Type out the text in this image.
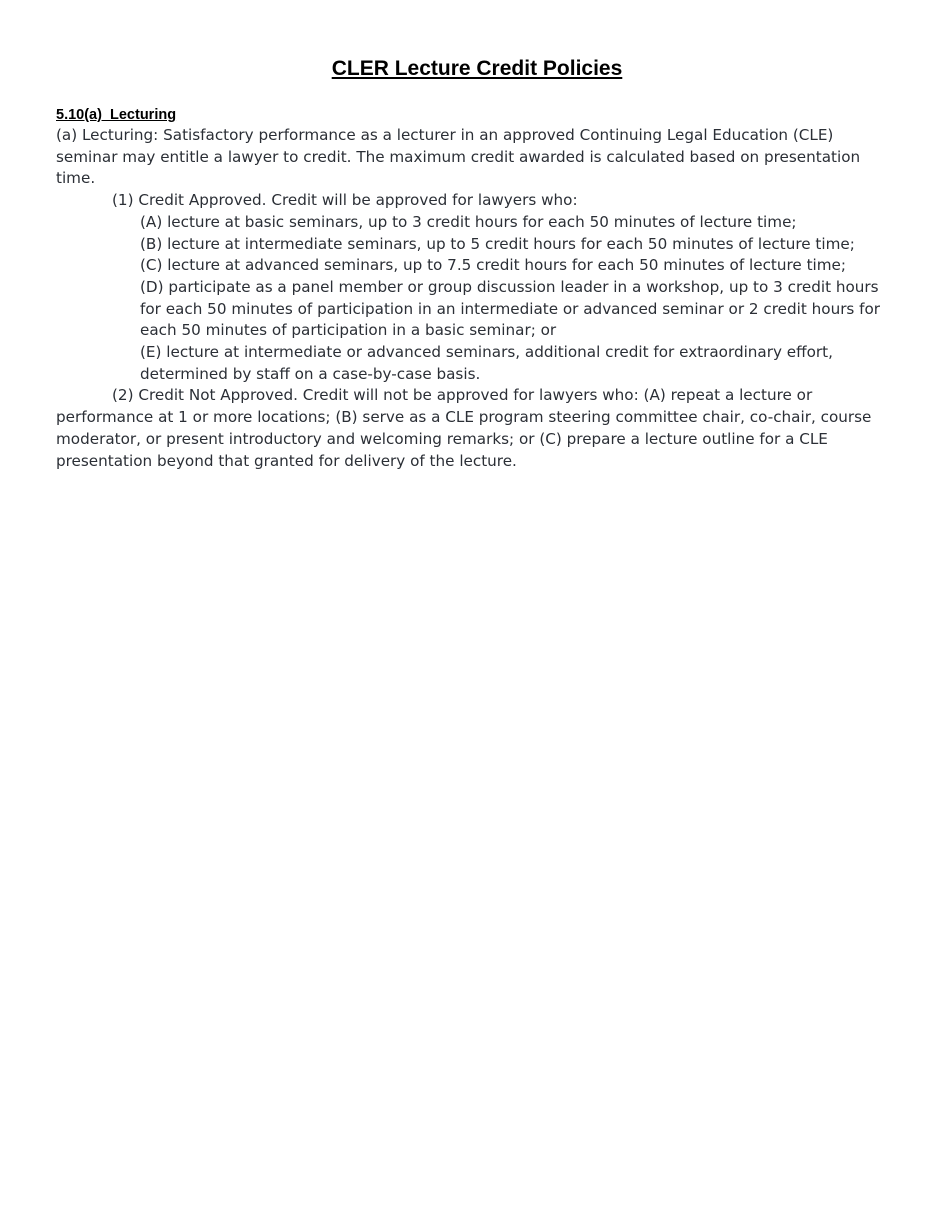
CLER Lecture Credit Policies
5.10(a)  Lecturing

(a) Lecturing: Satisfactory performance as a lecturer in an approved Continuing Legal Education (CLE) seminar may entitle a lawyer to credit. The maximum credit awarded is calculated based on presentation time.

(1) Credit Approved. Credit will be approved for lawyers who:

(A) lecture at basic seminars, up to 3 credit hours for each 50 minutes of lecture time;

(B) lecture at intermediate seminars, up to 5 credit hours for each 50 minutes of lecture time;

(C) lecture at advanced seminars, up to 7.5 credit hours for each 50 minutes of lecture time;

(D) participate as a panel member or group discussion leader in a workshop, up to 3 credit hours for each 50 minutes of participation in an intermediate or advanced seminar or 2 credit hours for each 50 minutes of participation in a basic seminar; or

(E) lecture at intermediate or advanced seminars, additional credit for extraordinary effort, determined by staff on a case-by-case basis.

(2) Credit Not Approved. Credit will not be approved for lawyers who: (A) repeat a lecture or performance at 1 or more locations; (B) serve as a CLE program steering committee chair, co-chair, course moderator, or present introductory and welcoming remarks; or (C) prepare a lecture outline for a CLE presentation beyond that granted for delivery of the lecture.
